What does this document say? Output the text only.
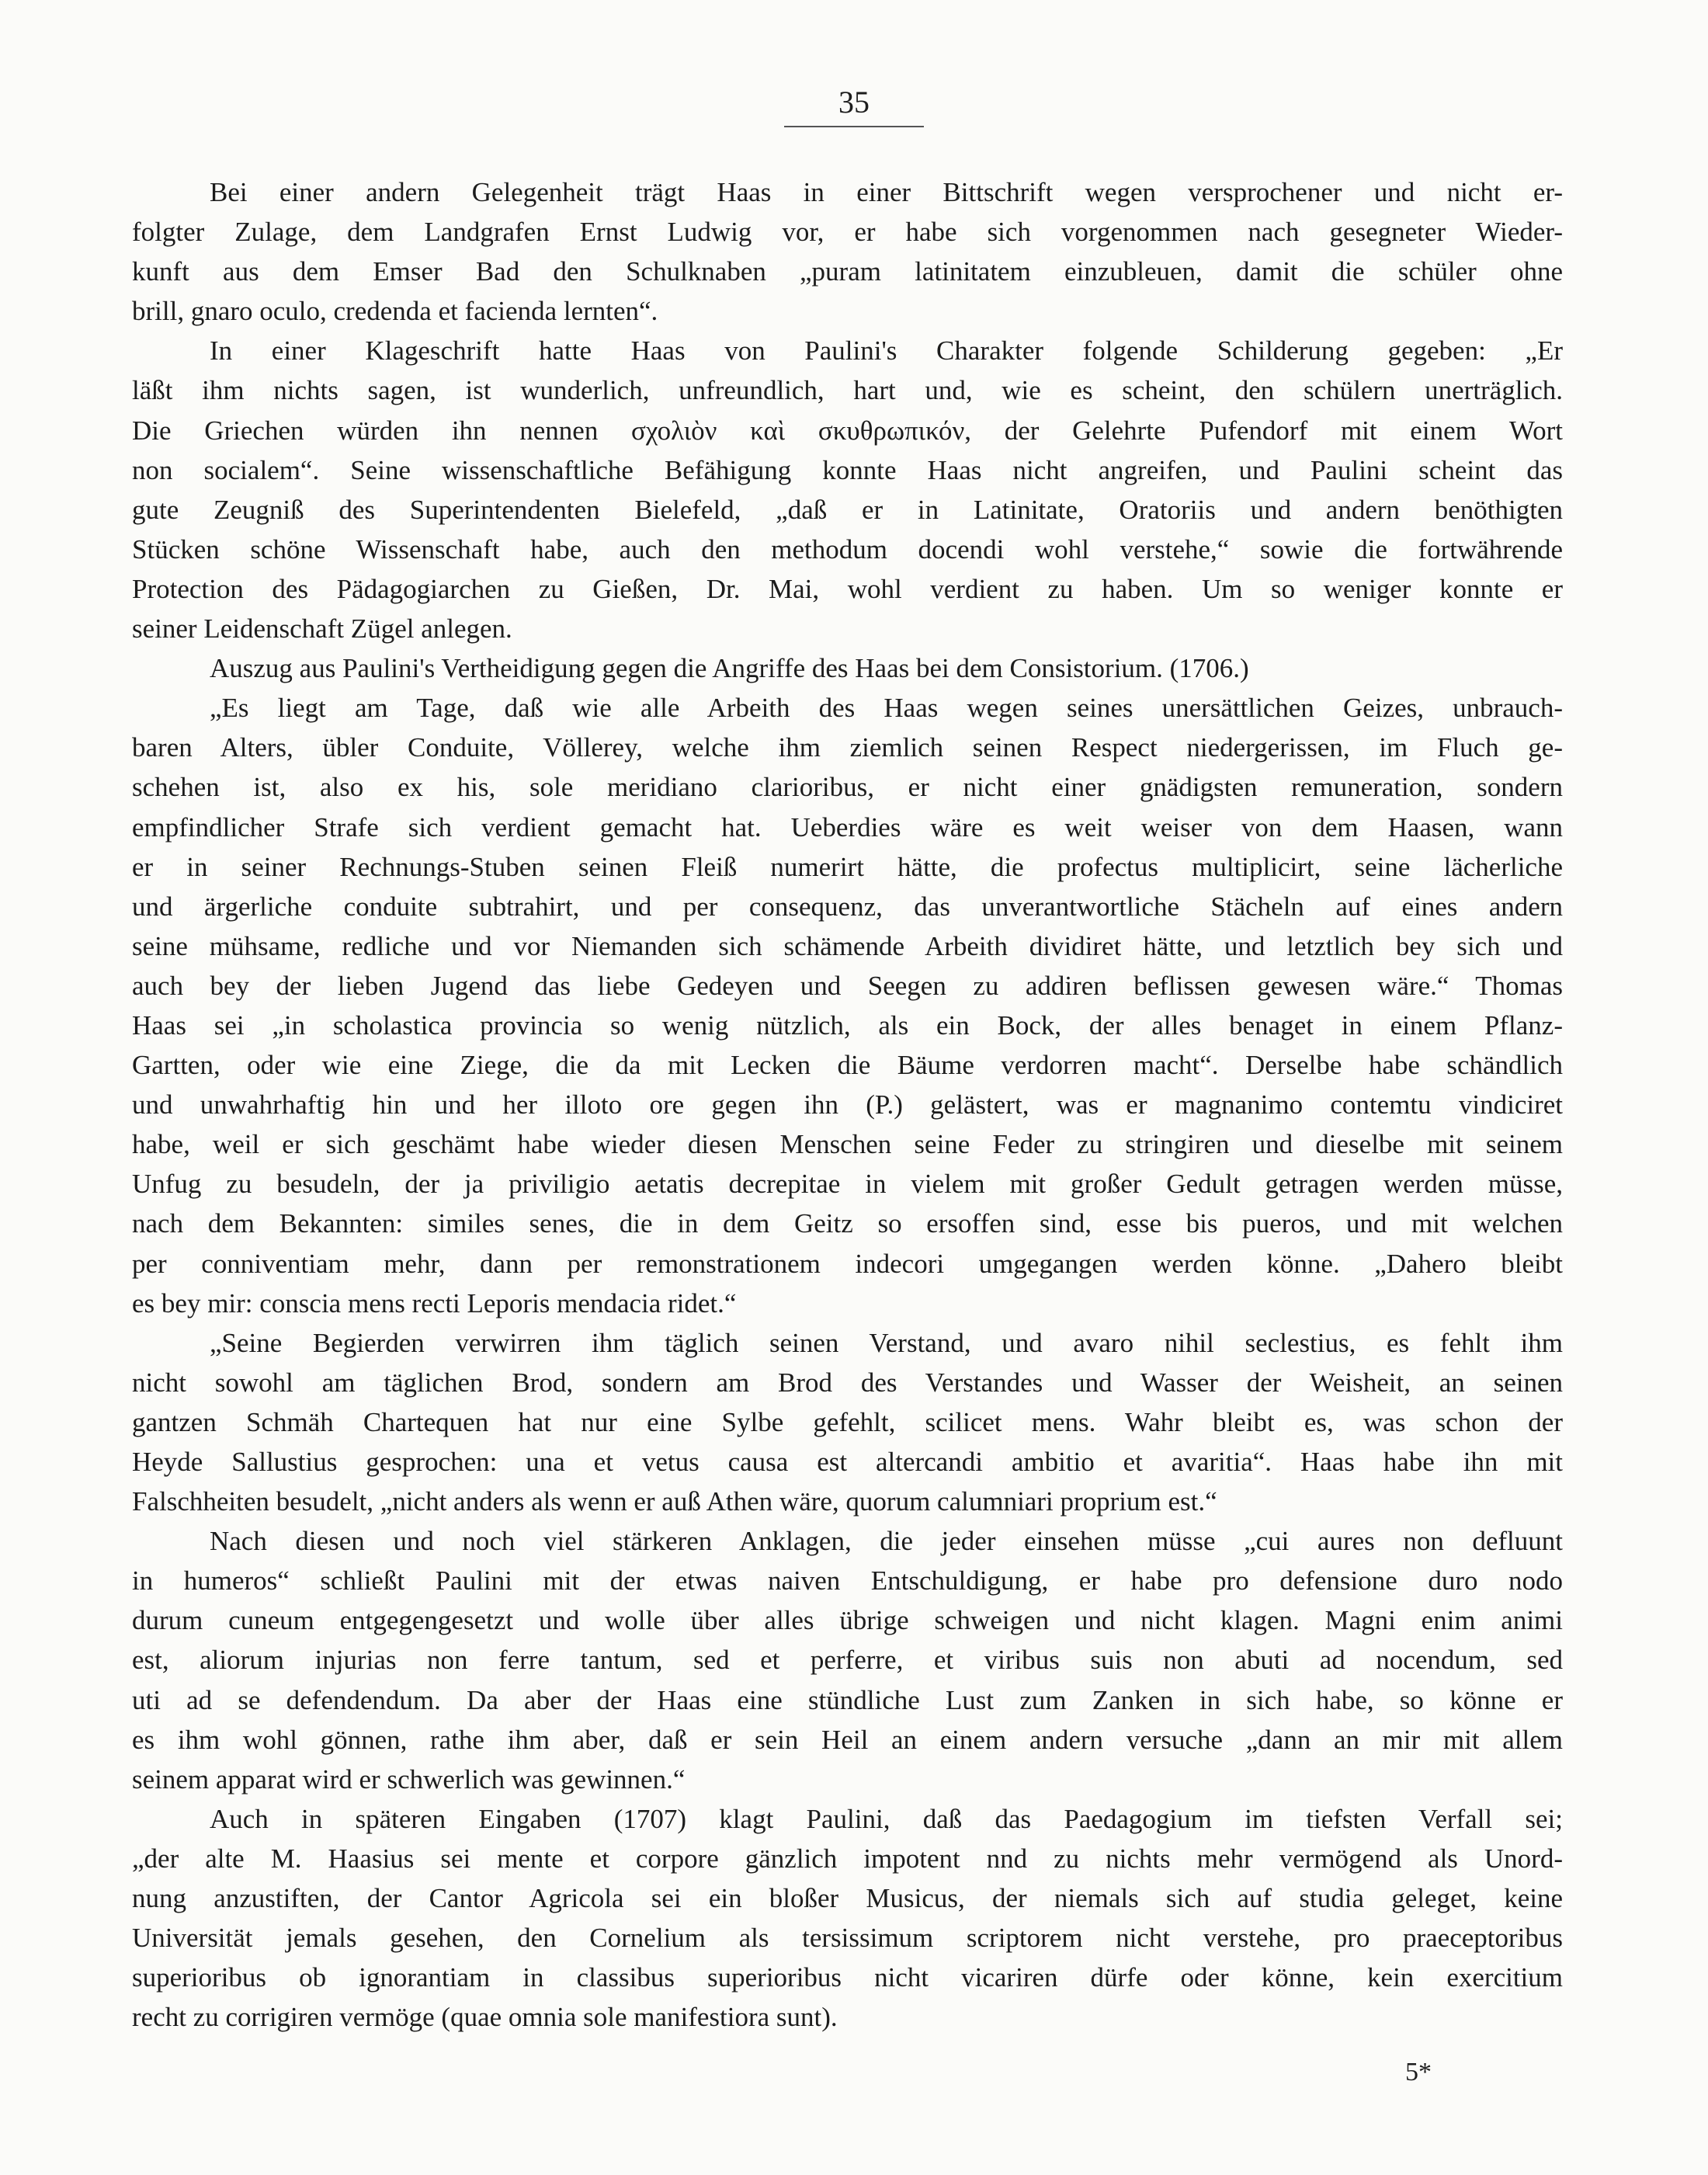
35
Bei einer andern Gelegenheit trägt Haas in einer Bittschrift wegen versprochener und nicht er-
folgter Zulage, dem Landgrafen Ernst Ludwig vor, er habe sich vorgenommen nach gesegneter Wieder-
kunft aus dem Emser Bad den Schulknaben „puram latinitatem einzubleuen, damit die schüler ohne
brill, gnaro oculo, credenda et facienda lernten“.
In einer Klageschrift hatte Haas von Paulini's Charakter folgende Schilderung gegeben: „Er
läßt ihm nichts sagen, ist wunderlich, unfreundlich, hart und, wie es scheint, den schülern unerträglich.
Die Griechen würden ihn nennen σχολιὸν καὶ σκυθρωπικόν, der Gelehrte Pufendorf mit einem Wort
non socialem“. Seine wissenschaftliche Befähigung konnte Haas nicht angreifen, und Paulini scheint das
gute Zeugniß des Superintendenten Bielefeld, „daß er in Latinitate, Oratoriis und andern benöthigten
Stücken schöne Wissenschaft habe, auch den methodum docendi wohl verstehe,“ sowie die fortwährende
Protection des Pädagogiarchen zu Gießen, Dr. Mai, wohl verdient zu haben. Um so weniger konnte er
seiner Leidenschaft Zügel anlegen.
Auszug aus Paulini's Vertheidigung gegen die Angriffe des Haas bei dem Consistorium. (1706.)
„Es liegt am Tage, daß wie alle Arbeith des Haas wegen seines unersättlichen Geizes, unbrauch-
baren Alters, übler Conduite, Völlerey, welche ihm ziemlich seinen Respect niedergerissen, im Fluch ge-
schehen ist, also ex his, sole meridiano clarioribus, er nicht einer gnädigsten remuneration, sondern
empfindlicher Strafe sich verdient gemacht hat. Ueberdies wäre es weit weiser von dem Haasen, wann
er in seiner Rechnungs-Stuben seinen Fleiß numerirt hätte, die profectus multiplicirt, seine lächerliche
und ärgerliche conduite subtrahirt, und per consequenz, das unverantwortliche Stächeln auf eines andern
seine mühsame, redliche und vor Niemanden sich schämende Arbeith dividiret hätte, und letztlich bey sich und
auch bey der lieben Jugend das liebe Gedeyen und Seegen zu addiren beflissen gewesen wäre.“ Thomas
Haas sei „in scholastica provincia so wenig nützlich, als ein Bock, der alles benaget in einem Pflanz-
Gartten, oder wie eine Ziege, die da mit Lecken die Bäume verdorren macht“. Derselbe habe schändlich
und unwahrhaftig hin und her illoto ore gegen ihn (P.) gelästert, was er magnanimo contemtu vindiciret
habe, weil er sich geschämt habe wieder diesen Menschen seine Feder zu stringiren und dieselbe mit seinem
Unfug zu besudeln, der ja priviligio aetatis decrepitae in vielem mit großer Gedult getragen werden müsse,
nach dem Bekannten: similes senes, die in dem Geitz so ersoffen sind, esse bis pueros, und mit welchen
per conniventiam mehr, dann per remonstrationem indecori umgegangen werden könne. „Dahero bleibt
es bey mir: conscia mens recti Leporis mendacia ridet.“
„Seine Begierden verwirren ihm täglich seinen Verstand, und avaro nihil seclestius, es fehlt ihm
nicht sowohl am täglichen Brod, sondern am Brod des Verstandes und Wasser der Weisheit, an seinen
gantzen Schmäh Chartequen hat nur eine Sylbe gefehlt, scilicet mens. Wahr bleibt es, was schon der
Heyde Sallustius gesprochen: una et vetus causa est altercandi ambitio et avaritia“. Haas habe ihn mit
Falschheiten besudelt, „nicht anders als wenn er auß Athen wäre, quorum calumniari proprium est.“
Nach diesen und noch viel stärkeren Anklagen, die jeder einsehen müsse „cui aures non defluunt
in humeros“ schließt Paulini mit der etwas naiven Entschuldigung, er habe pro defensione duro nodo
durum cuneum entgegengesetzt und wolle über alles übrige schweigen und nicht klagen. Magni enim animi
est, aliorum injurias non ferre tantum, sed et perferre, et viribus suis non abuti ad nocendum, sed
uti ad se defendendum. Da aber der Haas eine stündliche Lust zum Zanken in sich habe, so könne er
es ihm wohl gönnen, rathe ihm aber, daß er sein Heil an einem andern versuche „dann an mir mit allem
seinem apparat wird er schwerlich was gewinnen.“
Auch in späteren Eingaben (1707) klagt Paulini, daß das Paedagogium im tiefsten Verfall sei;
„der alte M. Haasius sei mente et corpore gänzlich impotent nnd zu nichts mehr vermögend als Unord-
nung anzustiften, der Cantor Agricola sei ein bloßer Musicus, der niemals sich auf studia geleget, keine
Universität jemals gesehen, den Cornelium als tersissimum scriptorem nicht verstehe, pro praeceptoribus
superioribus ob ignorantiam in classibus superioribus nicht vicariren dürfe oder könne, kein exercitium
recht zu corrigiren vermöge (quae omnia sole manifestiora sunt).
5*
